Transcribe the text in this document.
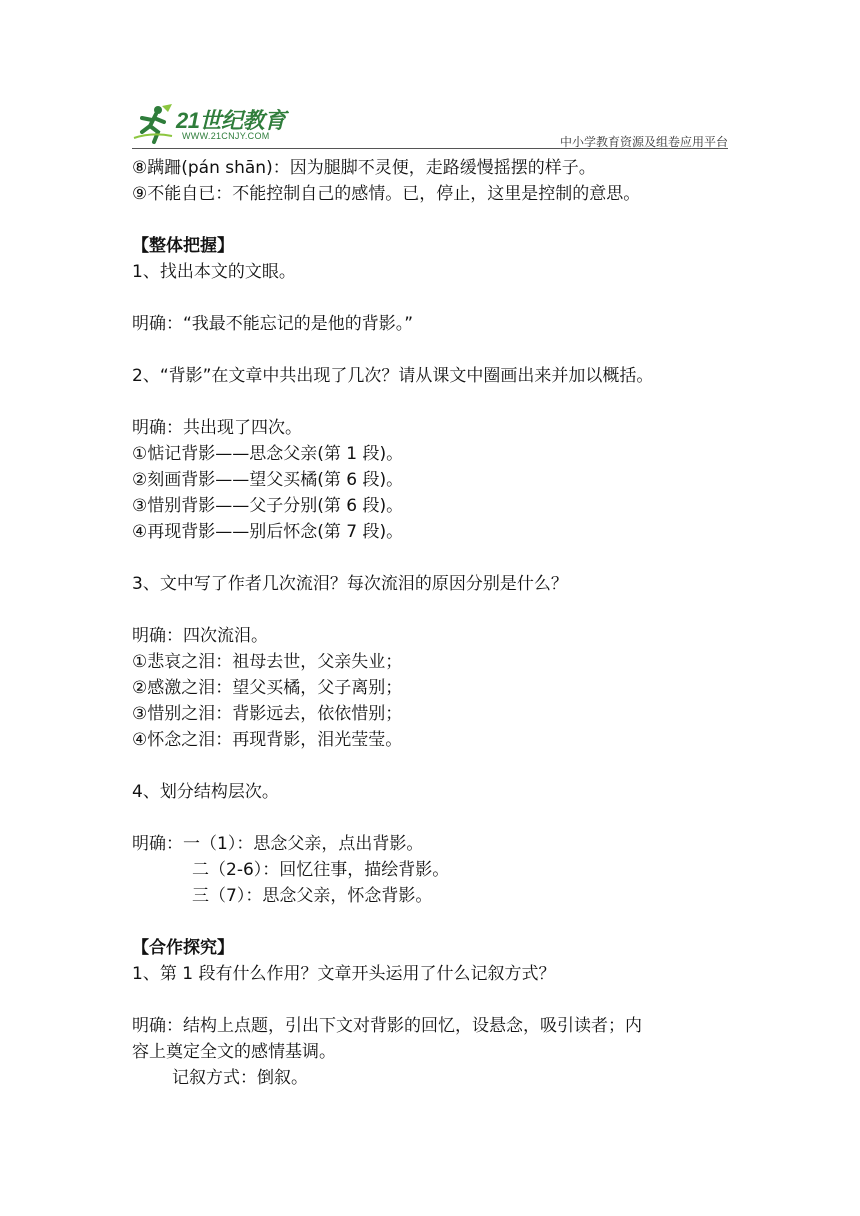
21世纪教育
WWW.21CNJY.COM	中小学教育资源及组卷应用平台
⑧蹒跚(pán shān)：因为腿脚不灵便，走路缓慢摇摆的样子。
⑨不能自已：不能控制自己的感情。已，停止，这里是控制的意思。
【整体把握】
1、找出本文的文眼。
明确：“我最不能忘记的是他的背影。”
2、“背影”在文章中共出现了几次？请从课文中圈画出来并加以概括。
明确：共出现了四次。
①惦记背影——思念父亲(第 1 段)。
②刻画背影——望父买橘(第 6 段)。
③惜别背影——父子分别(第 6 段)。
④再现背影——别后怀念(第 7 段)。
3、文中写了作者几次流泪？每次流泪的原因分别是什么？
明确：四次流泪。
①悲哀之泪：祖母去世，父亲失业；
②感激之泪：望父买橘，父子离别；
③惜别之泪：背影远去，依依惜别；
④怀念之泪：再现背影，泪光莹莹。
4、划分结构层次。
明确：一（1）：思念父亲，点出背影。
二（2-6）：回忆往事，描绘背影。
三（7）：思念父亲，怀念背影。
【合作探究】
1、第 1 段有什么作用？文章开头运用了什么记叙方式？
明确：结构上点题，引出下文对背影的回忆，设悬念，吸引读者；内
容上奠定全文的感情基调。
记叙方式：倒叙。
